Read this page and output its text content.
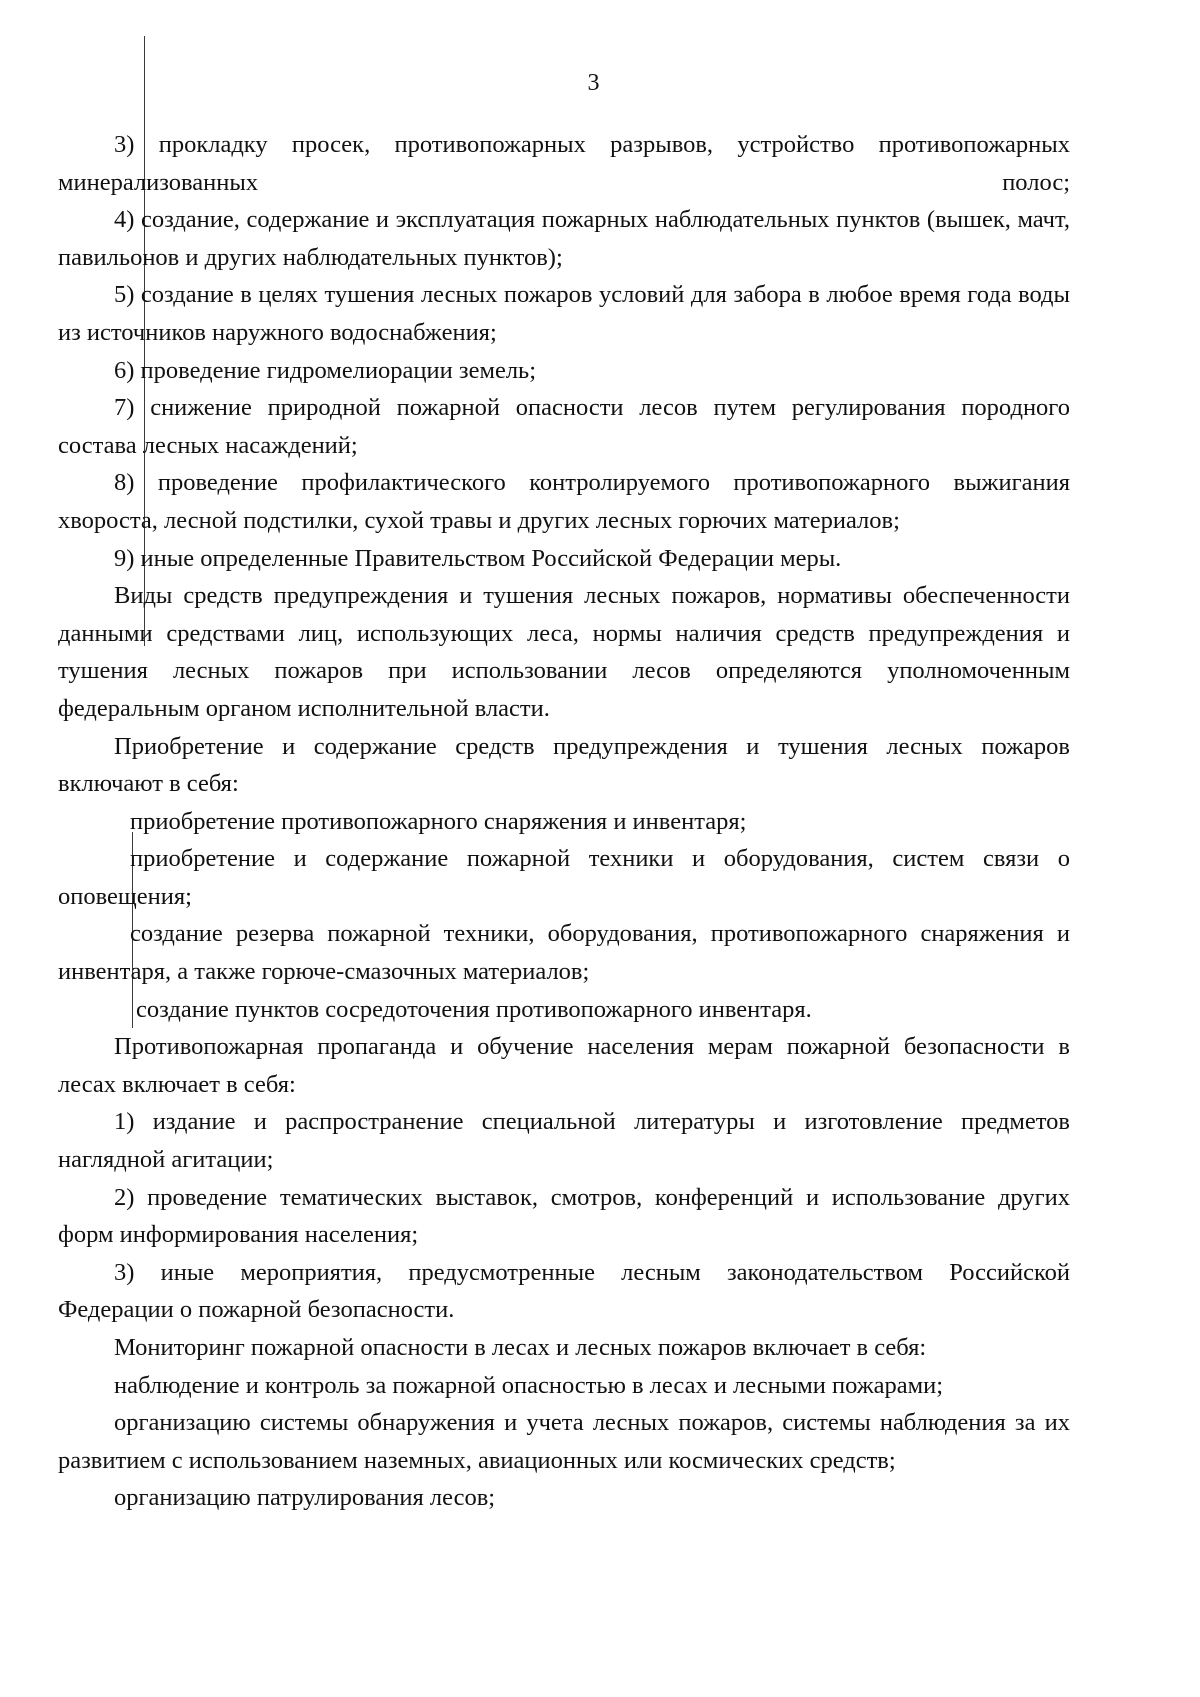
3

3) прокладку просек, противопожарных разрывов, устройство противопожарных минерализованных полос;

4) создание, содержание и эксплуатация пожарных наблюдательных пунктов (вышек, мачт, павильонов и других наблюдательных пунктов);

5) создание в целях тушения лесных пожаров условий для забора в любое время года воды из источников наружного водоснабжения;

6) проведение гидромелиорации земель;

7) снижение природной пожарной опасности лесов путем регулирования породного состава лесных насаждений;

8) проведение профилактического контролируемого противопожарного выжигания хвороста, лесной подстилки, сухой травы и других лесных горючих материалов;

9) иные определенные Правительством Российской Федерации меры.

Виды средств предупреждения и тушения лесных пожаров, нормативы обеспеченности данными средствами лиц, использующих леса, нормы наличия средств предупреждения и тушения лесных пожаров при использовании лесов определяются уполномоченным федеральным органом исполнительной власти.

Приобретение и содержание средств предупреждения и тушения лесных пожаров включают в себя:

приобретение противопожарного снаряжения и инвентаря;

приобретение и содержание пожарной техники и оборудования, систем связи о оповещения;

создание резерва пожарной техники, оборудования, противопожарного снаряжения и инвентаря, а также горюче-смазочных материалов;

создание пунктов сосредоточения противопожарного инвентаря.

Противопожарная пропаганда и обучение населения мерам пожарной безопасности в лесах включает в себя:

1) издание и распространение специальной литературы и изготовление предметов наглядной агитации;

2) проведение тематических выставок, смотров, конференций и использование других форм информирования населения;

3) иные мероприятия, предусмотренные лесным законодательством Российской Федерации о пожарной безопасности.

Мониторинг пожарной опасности в лесах и лесных пожаров включает в себя:

наблюдение и контроль за пожарной опасностью в лесах и лесными пожарами;

организацию системы обнаружения и учета лесных пожаров, системы наблюдения за их развитием с использованием наземных, авиационных или космических средств;

организацию патрулирования лесов;
